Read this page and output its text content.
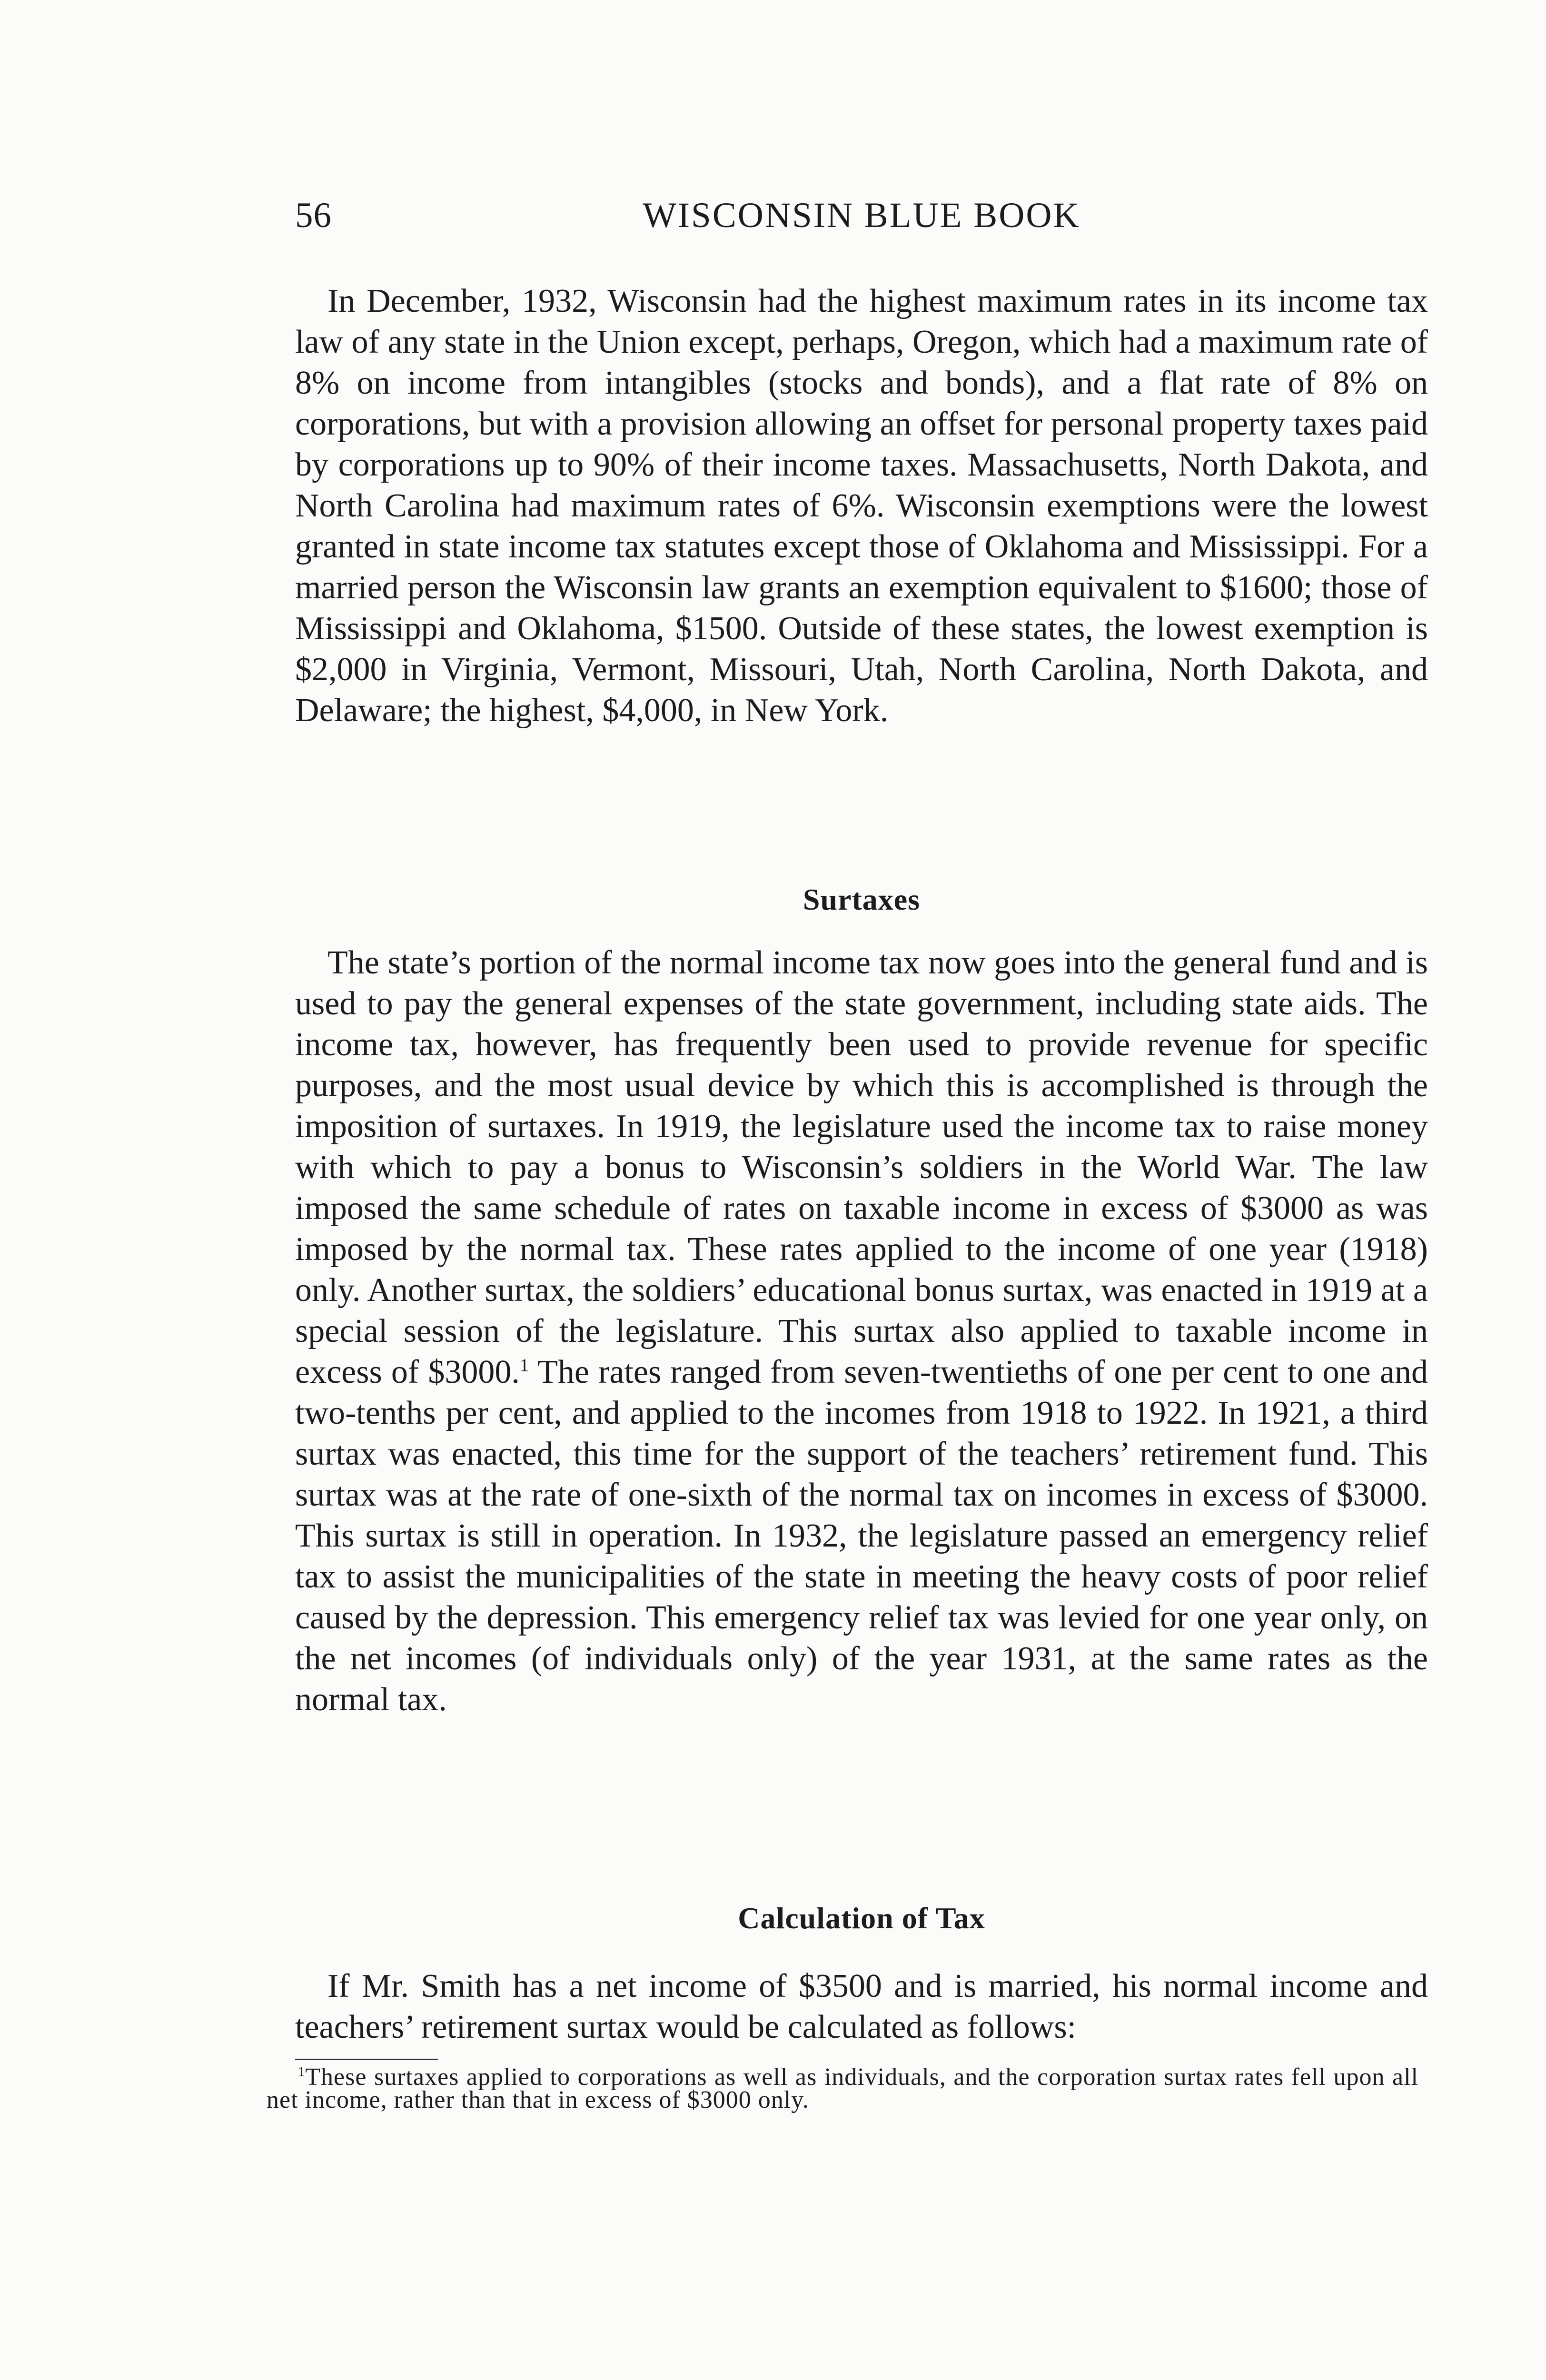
56	WISCONSIN BLUE BOOK

In December, 1932, Wisconsin had the highest maximum rates in its income tax law of any state in the Union except, perhaps, Oregon, which had a maximum rate of 8% on income from intangibles (stocks and bonds), and a flat rate of 8% on corporations, but with a provision allowing an offset for personal property taxes paid by corporations up to 90% of their income taxes. Massachusetts, North Dakota, and North Carolina had maximum rates of 6%. Wisconsin exemptions were the lowest granted in state income tax statutes except those of Oklahoma and Mississippi. For a married person the Wisconsin law grants an exemption equivalent to $1600; those of Mississippi and Oklahoma, $1500. Outside of these states, the lowest exemption is $2,000 in Virginia, Vermont, Missouri, Utah, North Carolina, North Dakota, and Delaware; the highest, $4,000, in New York.

Surtaxes

The state’s portion of the normal income tax now goes into the general fund and is used to pay the general expenses of the state government, including state aids. The income tax, however, has frequently been used to provide revenue for specific purposes, and the most usual device by which this is accomplished is through the imposition of surtaxes. In 1919, the legislature used the income tax to raise money with which to pay a bonus to Wisconsin’s soldiers in the World War. The law imposed the same schedule of rates on taxable income in excess of $3000 as was imposed by the normal tax. These rates applied to the income of one year (1918) only. Another surtax, the soldiers’ educational bonus surtax, was enacted in 1919 at a special session of the legislature. This surtax also applied to taxable income in excess of $3000.$^1$ The rates ranged from seven-twentieths of one per cent to one and two-tenths per cent, and applied to the incomes from 1918 to 1922. In 1921, a third surtax was enacted, this time for the support of the teachers’ retirement fund. This surtax was at the rate of one-sixth of the normal tax on incomes in excess of $3000. This surtax is still in operation. In 1932, the legislature passed an emergency relief tax to assist the municipalities of the state in meeting the heavy costs of poor relief caused by the depression. This emergency relief tax was levied for one year only, on the net incomes (of individuals only) of the year 1931, at the same rates as the normal tax.

Calculation of Tax

If Mr. Smith has a net income of $3500 and is married, his normal income and teachers’ retirement surtax would be calculated as follows:

$^1$These surtaxes applied to corporations as well as individuals, and the corporation surtax rates fell upon all net income, rather than that in excess of $3000 only.
